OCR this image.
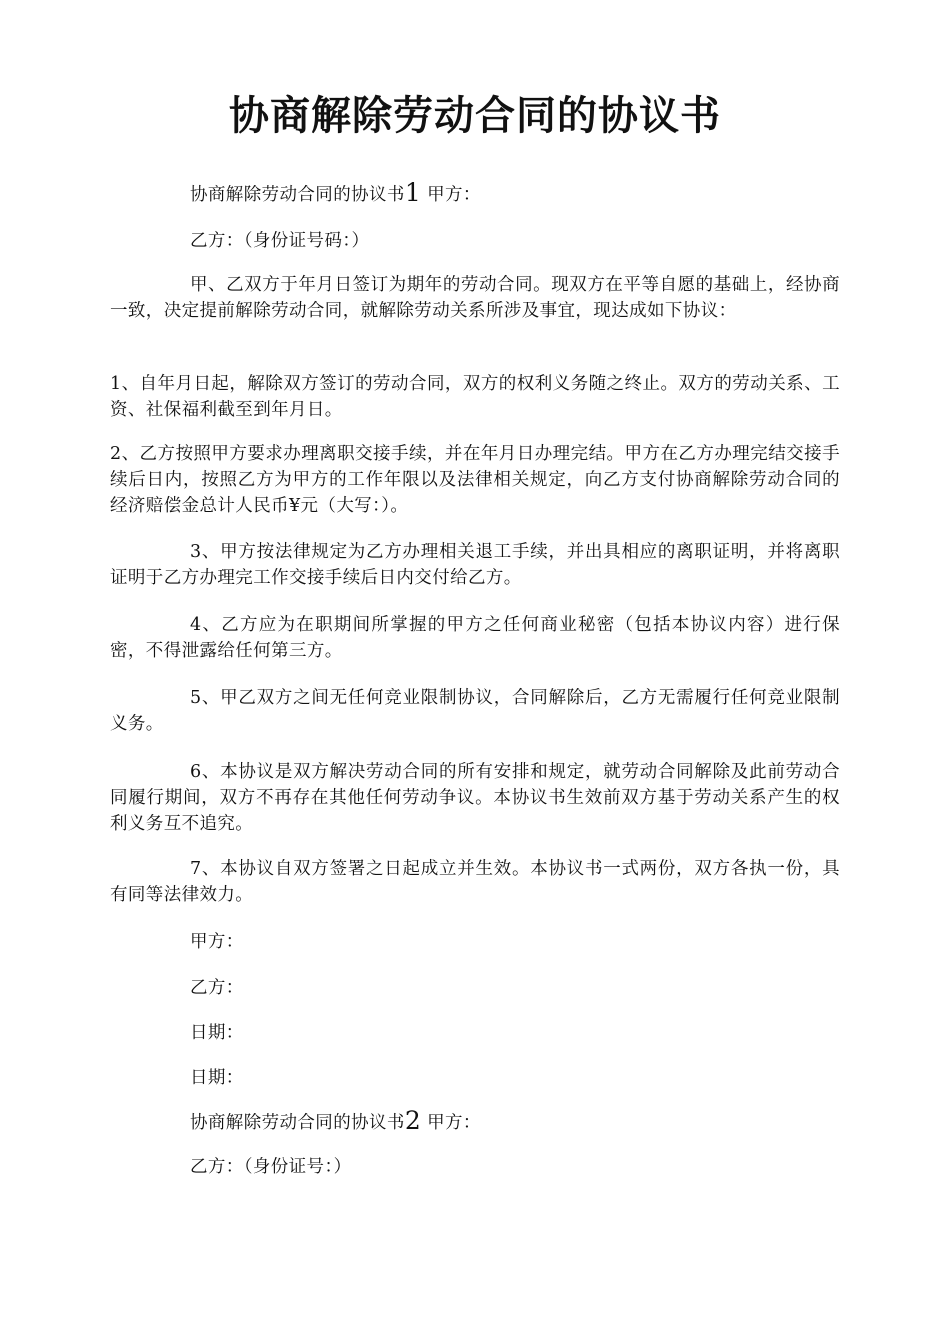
协商解除劳动合同的协议书
协商解除劳动合同的协议书1 甲方：
乙方：（身份证号码：）
甲、乙双方于年月日签订为期年的劳动合同。现双方在平等自愿的基础上，经协商一致，决定提前解除劳动合同，就解除劳动关系所涉及事宜，现达成如下协议：
1、自年月日起，解除双方签订的劳动合同，双方的权利义务随之终止。双方的劳动关系、工资、社保福利截至到年月日。
2、乙方按照甲方要求办理离职交接手续，并在年月日办理完结。甲方在乙方办理完结交接手续后日内，按照乙方为甲方的工作年限以及法律相关规定，向乙方支付协商解除劳动合同的经济赔偿金总计人民币¥元（大写：）。
3、甲方按法律规定为乙方办理相关退工手续，并出具相应的离职证明，并将离职证明于乙方办理完工作交接手续后日内交付给乙方。
4、乙方应为在职期间所掌握的甲方之任何商业秘密（包括本协议内容）进行保密，不得泄露给任何第三方。
5、甲乙双方之间无任何竞业限制协议，合同解除后，乙方无需履行任何竞业限制义务。
6、本协议是双方解决劳动合同的所有安排和规定，就劳动合同解除及此前劳动合同履行期间，双方不再存在其他任何劳动争议。本协议书生效前双方基于劳动关系产生的权利义务互不追究。
7、本协议自双方签署之日起成立并生效。本协议书一式两份，双方各执一份，具有同等法律效力。
甲方：
乙方：
日期：
日期：
协商解除劳动合同的协议书2 甲方：
乙方：（身份证号：）
